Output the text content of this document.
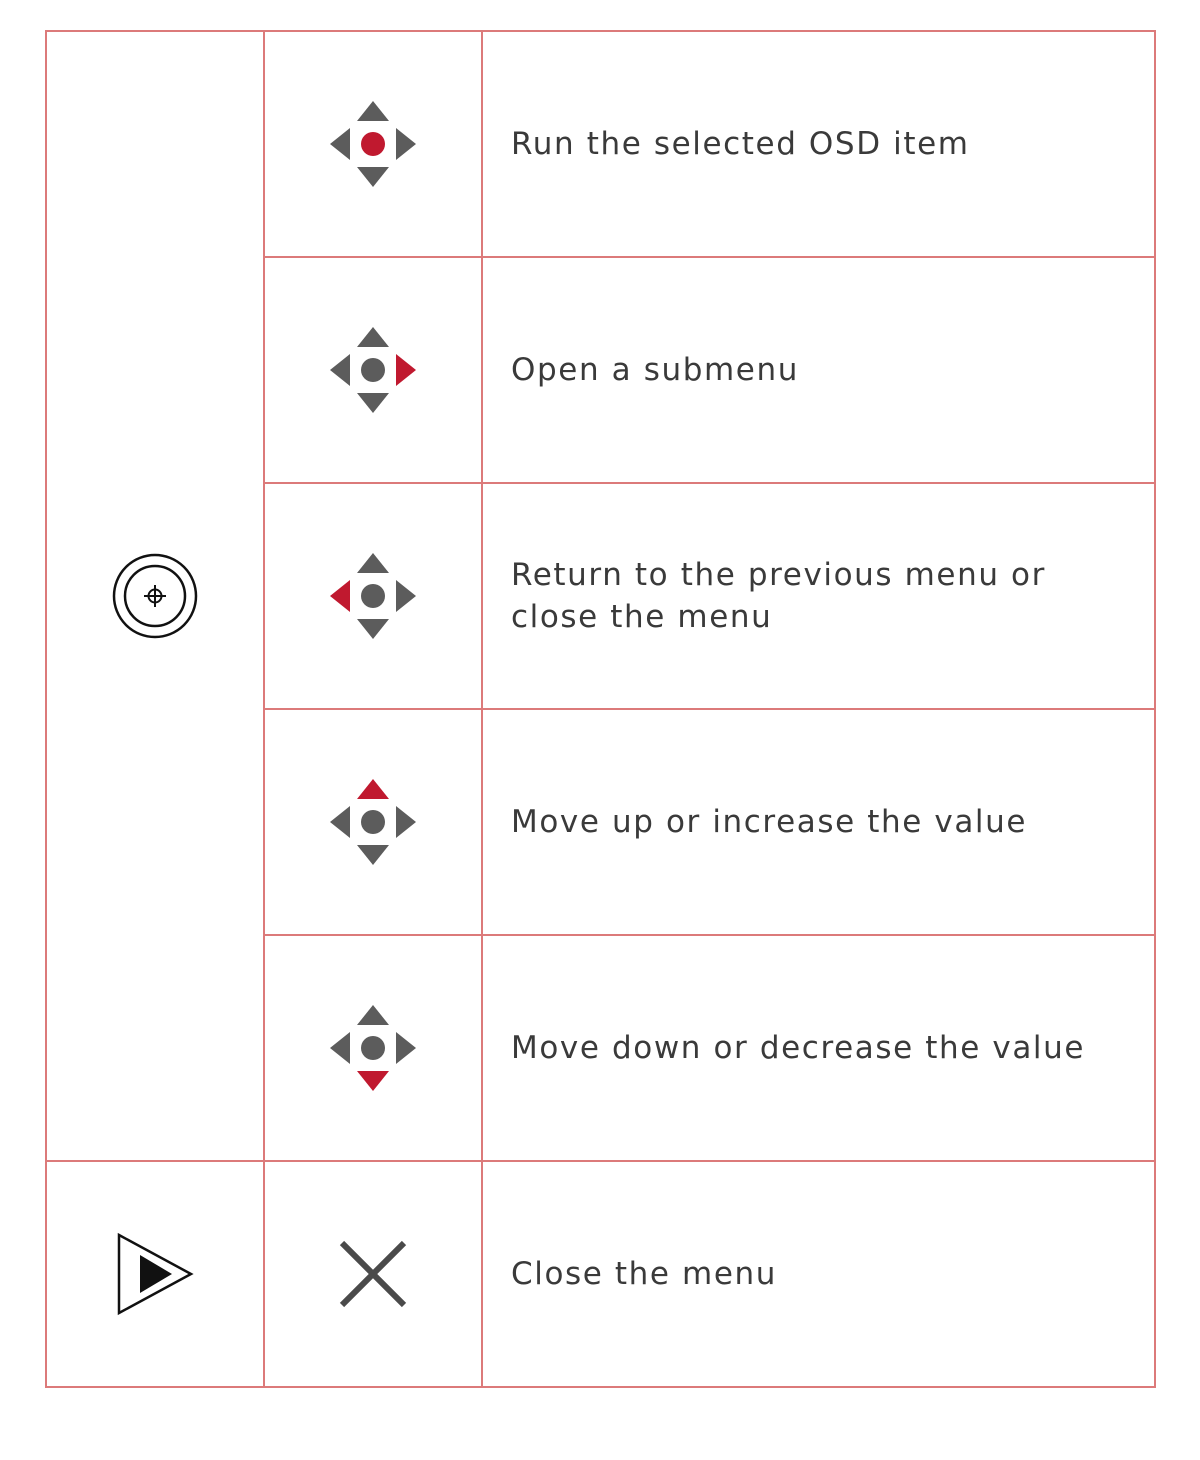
Run the selected OSD item

Open a submenu

Return to the previous menu or close the menu

Move up or increase the value

Move down or decrease the value

Close the menu
